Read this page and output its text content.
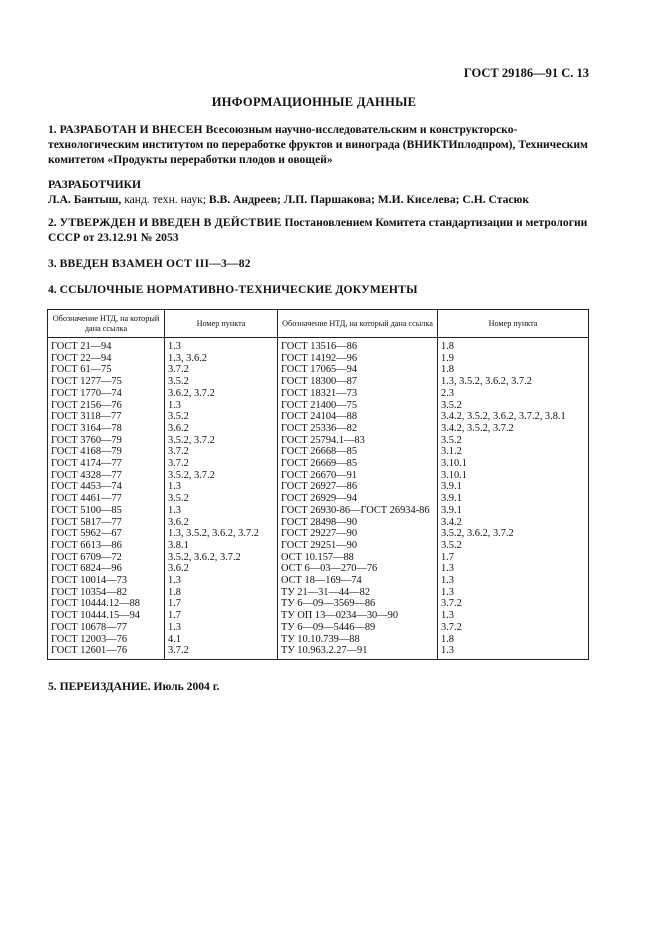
ГОСТ 29186—91 С. 13
ИНФОРМАЦИОННЫЕ ДАННЫЕ
1. РАЗРАБОТАН И ВНЕСЕН Всесоюзным научно-исследовательским и конструкторско-технологическим институтом по переработке фруктов и винограда (ВНИКТИплодпром), Техническим комитетом «Продукты переработки плодов и овощей»
РАЗРАБОТЧИКИ
Л.А. Бантыш, канд. техн. наук; В.В. Андреев; Л.П. Паршакова; М.И. Киселева; С.Н. Стасюк
2. УТВЕРЖДЕН И ВВЕДЕН В ДЕЙСТВИЕ Постановлением Комитета стандартизации и метрологии СССР от 23.12.91 № 2053
3. ВВЕДЕН ВЗАМЕН ОСТ III—3—82
4. ССЫЛОЧНЫЕ НОРМАТИВНО-ТЕХНИЧЕСКИЕ ДОКУМЕНТЫ
Обозначение НТД, на который дана ссылка	Номер пункта	Обозначение НТД, на который дана ссылка	Номер пункта
ГОСТ 21—94	1.3	ГОСТ 13516—86	1.8
ГОСТ 22—94	1.3, 3.6.2	ГОСТ 14192—96	1.9
ГОСТ 61—75	3.7.2	ГОСТ 17065—94	1.8
ГОСТ 1277—75	3.5.2	ГОСТ 18300—87	1.3, 3.5.2, 3.6.2, 3.7.2
ГОСТ 1770—74	3.6.2, 3.7.2	ГОСТ 18321—73	2.3
ГОСТ 2156—76	1.3	ГОСТ 21400—75	3.5.2
ГОСТ 3118—77	3.5.2	ГОСТ 24104—88	3.4.2, 3.5.2, 3.6.2, 3.7.2, 3.8.1
ГОСТ 3164—78	3.6.2	ГОСТ 25336—82	3.4.2, 3.5.2, 3.7.2
ГОСТ 3760—79	3.5.2, 3.7.2	ГОСТ 25794.1—83	3.5.2
ГОСТ 4168—79	3.7.2	ГОСТ 26668—85	3.1.2
ГОСТ 4174—77	3.7.2	ГОСТ 26669—85	3.10.1
ГОСТ 4328—77	3.5.2, 3.7.2	ГОСТ 26670—91	3.10.1
ГОСТ 4453—74	1.3	ГОСТ 26927—86	3.9.1
ГОСТ 4461—77	3.5.2	ГОСТ 26929—94	3.9.1
ГОСТ 5100—85	1.3	ГОСТ 26930-86—ГОСТ 26934-86	3.9.1
ГОСТ 5817—77	3.6.2	ГОСТ 28498—90	3.4.2
ГОСТ 5962—67	1.3, 3.5.2, 3.6.2, 3.7.2	ГОСТ 29227—90	3.5.2, 3.6.2, 3.7.2
ГОСТ 6613—86	3.8.1	ГОСТ 29251—90	3.5.2
ГОСТ 6709—72	3.5.2, 3.6.2, 3.7.2	ОСТ 10.157—88	1.7
ГОСТ 6824—96	3.6.2	ОСТ 6—03—270—76	1.3
ГОСТ 10014—73	1.3	ОСТ 18—169—74	1.3
ГОСТ 10354—82	1.8	ТУ 21—31—44—82	1.3
ГОСТ 10444.12—88	1.7	ТУ 6—09—3569—86	3.7.2
ГОСТ 10444.15—94	1.7	ТУ ОП 13—0234—30—90	1.3
ГОСТ 10678—77	1.3	ТУ 6—09—5446—89	3.7.2
ГОСТ 12003—76	4.1	ТУ 10.10.739—88	1.8
ГОСТ 12601—76	3.7.2	ТУ 10.963.2.27—91	1.3
5. ПЕРЕИЗДАНИЕ. Июль 2004 г.
